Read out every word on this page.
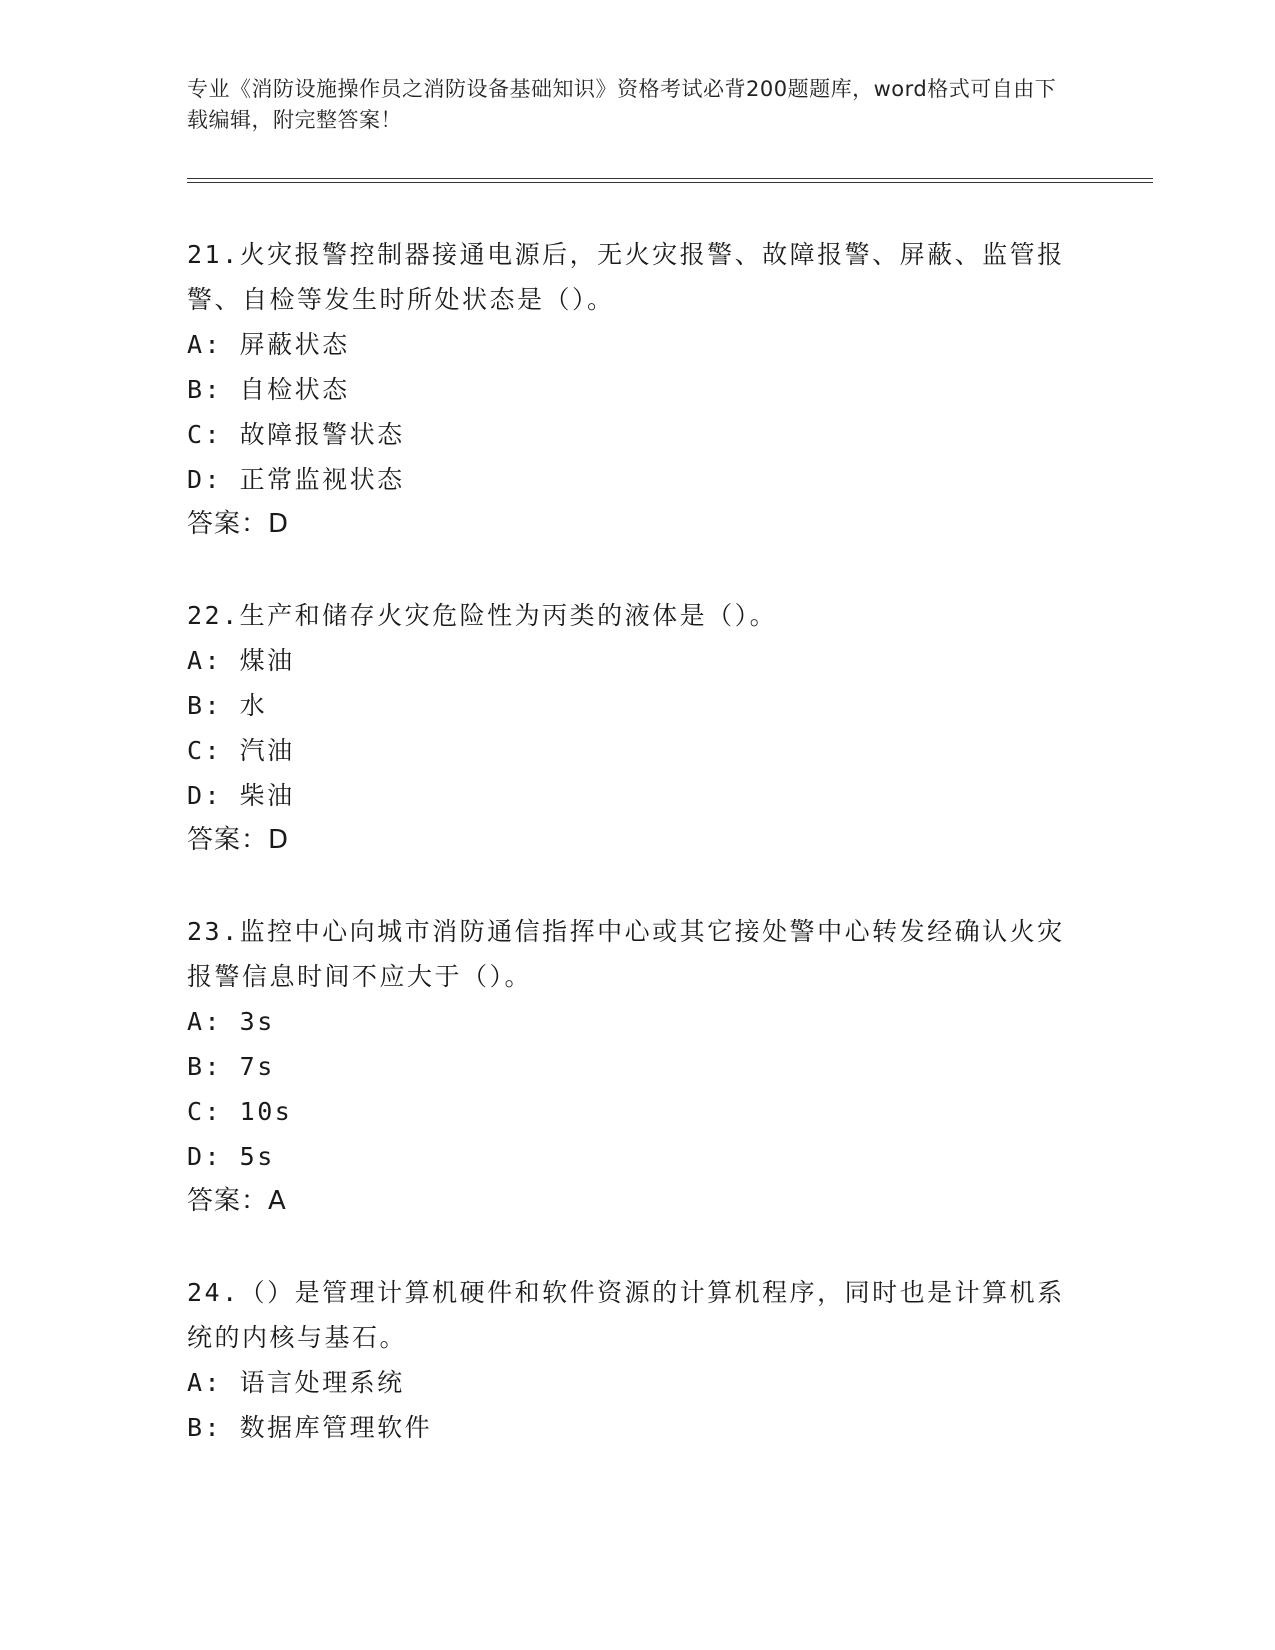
专业《消防设施操作员之消防设备基础知识》资格考试必背200题题库，word格式可自由下载编辑，附完整答案！

21.火灾报警控制器接通电源后，无火灾报警、故障报警、屏蔽、监管报警、自检等发生时所处状态是（）。

A: 屏蔽状态

B: 自检状态

C: 故障报警状态

D: 正常监视状态

答案：D

22.生产和储存火灾危险性为丙类的液体是（）。

A: 煤油

B: 水

C: 汽油

D: 柴油

答案：D

23.监控中心向城市消防通信指挥中心或其它接处警中心转发经确认火灾报警信息时间不应大于（）。

A: 3s

B: 7s

C: 10s

D: 5s

答案：A

24.（）是管理计算机硬件和软件资源的计算机程序，同时也是计算机系统的内核与基石。

A: 语言处理系统

B: 数据库管理软件
